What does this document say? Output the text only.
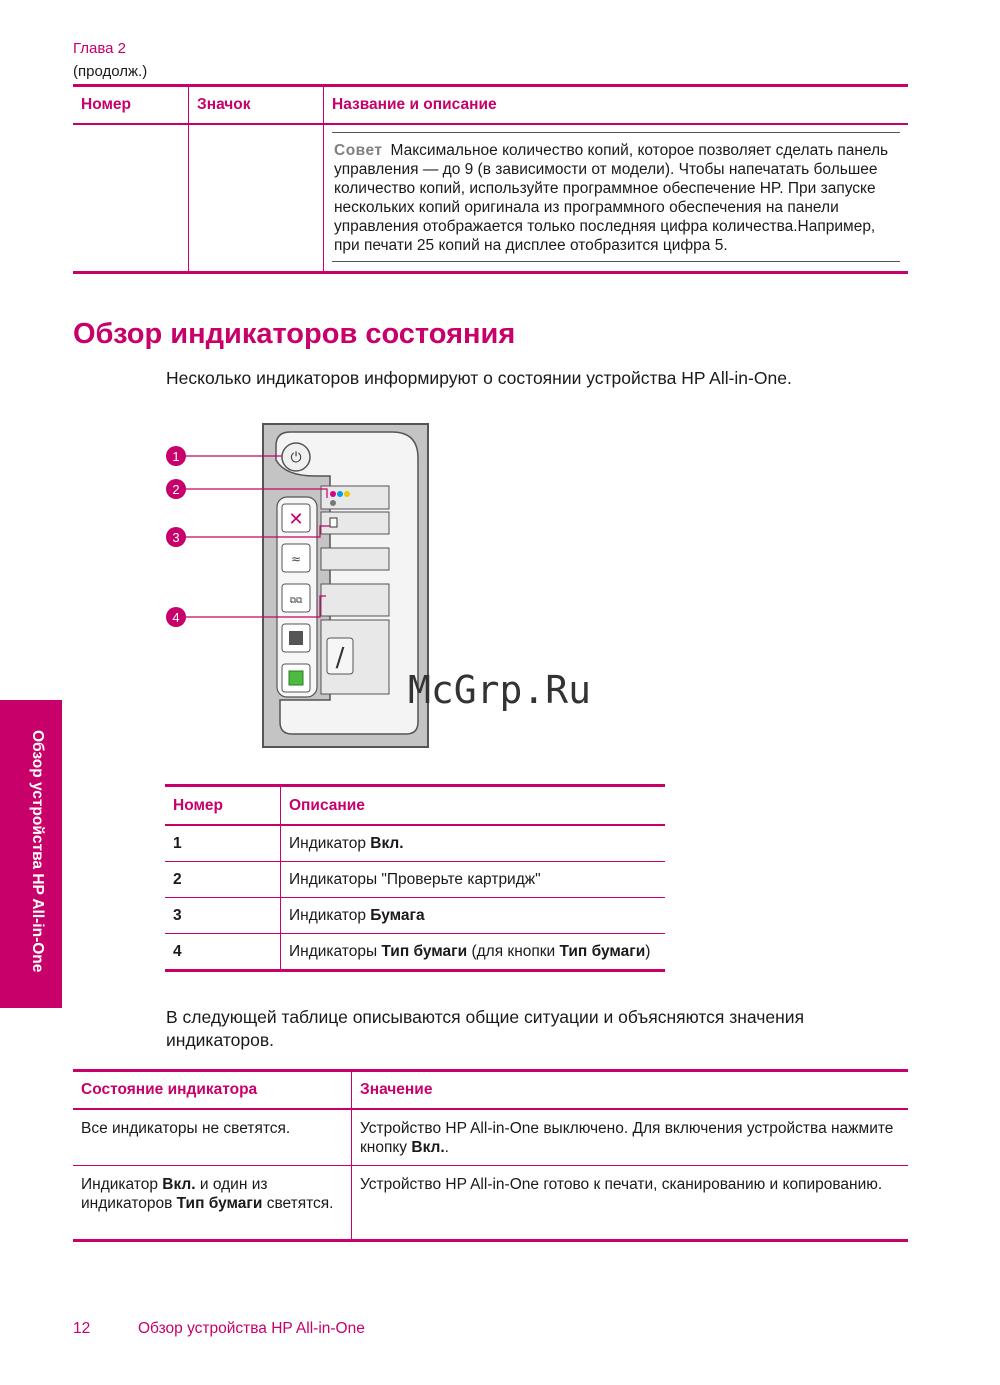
Глава 2
(продолж.)
Номер	Значок	Название и описание

		Совет Максимальное количество копий, которое позволяет сделать панель управления — до 9 (в зависимости от модели). Чтобы напечатать большее количество копий, используйте программное обеспечение HP. При запуске нескольких копий оригинала из программного обеспечения на панели управления отображается только последняя цифра количества.Например, при печати 25 копий на дисплее отобразится цифра 5.
Обзор индикаторов состояния
Несколько индикаторов информируют о состоянии устройства HP All-in-One.
⏻
✕
≈
⧉⧉
/
1
2
3
4
McGrp.Ru
Номер	Описание
1	Индикатор Вкл.
2	Индикаторы "Проверьте картридж"
3	Индикатор Бумага
4	Индикаторы Тип бумаги (для кнопки Тип бумаги)
В следующей таблице описываются общие ситуации и объясняются значения индикаторов.
Состояние индикатора	Значение
Все индикаторы не светятся.	Устройство HP All-in-One выключено. Для включения устройства нажмите кнопку Вкл..
Индикатор Вкл. и один из индикаторов Тип бумаги светятся.	Устройство HP All-in-One готово к печати, сканированию и копированию.
Обзор устройства HP All-in-One
12	Обзор устройства HP All-in-One
